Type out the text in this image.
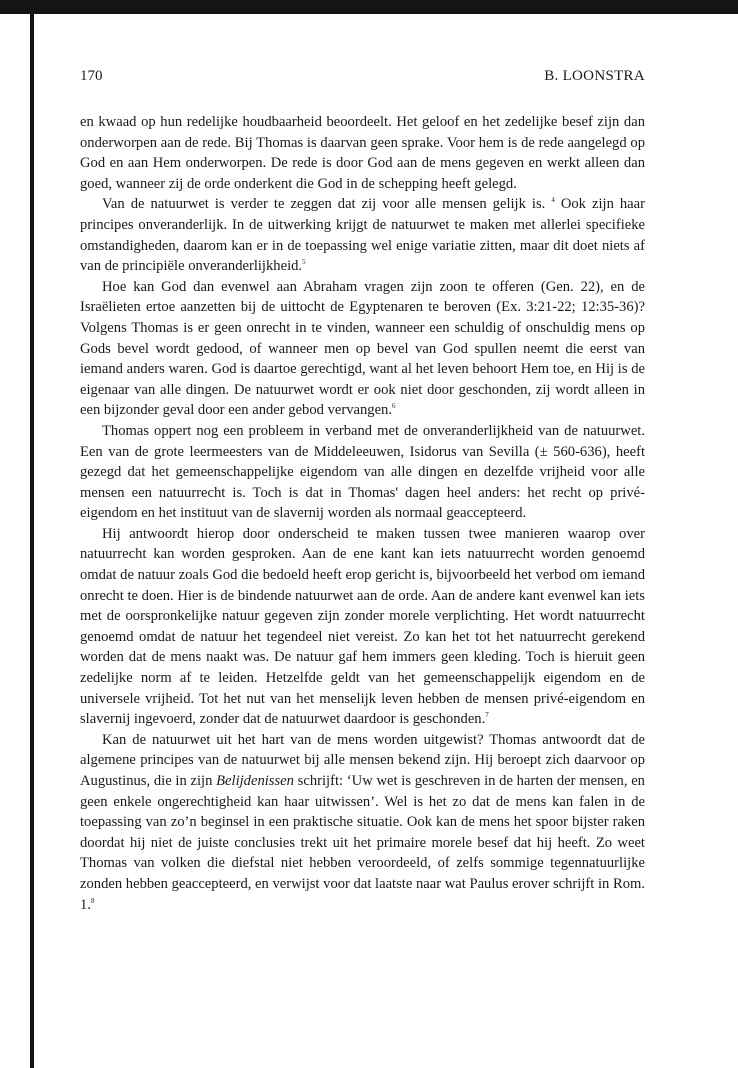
170	B. LOONSTRA

en kwaad op hun redelijke houdbaarheid beoordeelt. Het geloof en het zedelijke besef zijn dan onderworpen aan de rede. Bij Thomas is daarvan geen sprake. Voor hem is de rede aangelegd op God en aan Hem onderworpen. De rede is door God aan de mens gegeven en werkt alleen dan goed, wanneer zij de orde onderkent die God in de schepping heeft gelegd.

Van de natuurwet is verder te zeggen dat zij voor alle mensen gelijk is. $^4$ Ook zijn haar principes onveranderlijk. In de uitwerking krijgt de natuurwet te maken met allerlei specifieke omstandigheden, daarom kan er in de toepassing wel enige variatie zitten, maar dit doet niets af van de principiële onveranderlijkheid.$^5$

Hoe kan God dan evenwel aan Abraham vragen zijn zoon te offeren (Gen. 22), en de Israëlieten ertoe aanzetten bij de uittocht de Egyptenaren te beroven (Ex. 3:21-22; 12:35-36)? Volgens Thomas is er geen onrecht in te vinden, wanneer een schuldig of onschuldig mens op Gods bevel wordt gedood, of wanneer men op bevel van God spullen neemt die eerst van iemand anders waren. God is daartoe gerechtigd, want al het leven behoort Hem toe, en Hij is de eigenaar van alle dingen. De natuurwet wordt er ook niet door geschonden, zij wordt alleen in een bijzonder geval door een ander gebod vervangen.$^6$

Thomas oppert nog een probleem in verband met de onveranderlijkheid van de natuurwet. Een van de grote leermeesters van de Middeleeuwen, Isidorus van Sevilla (± 560-636), heeft gezegd dat het gemeenschappelijke eigendom van alle dingen en dezelfde vrijheid voor alle mensen een natuurrecht is. Toch is dat in Thomas' dagen heel anders: het recht op privé-eigendom en het instituut van de slavernij worden als normaal geaccepteerd.

Hij antwoordt hierop door onderscheid te maken tussen twee manieren waarop over natuurrecht kan worden gesproken. Aan de ene kant kan iets natuurrecht worden genoemd omdat de natuur zoals God die bedoeld heeft erop gericht is, bijvoorbeeld het verbod om iemand onrecht te doen. Hier is de bindende natuurwet aan de orde. Aan de andere kant evenwel kan iets met de oorspronkelijke natuur gegeven zijn zonder morele verplichting. Het wordt natuurrecht genoemd omdat de natuur het tegendeel niet vereist. Zo kan het tot het natuurrecht gerekend worden dat de mens naakt was. De natuur gaf hem immers geen kleding. Toch is hieruit geen zedelijke norm af te leiden. Hetzelfde geldt van het gemeenschappelijk eigendom en de universele vrijheid. Tot het nut van het menselijk leven hebben de mensen privé-eigendom en slavernij ingevoerd, zonder dat de natuurwet daardoor is geschonden.$^7$

Kan de natuurwet uit het hart van de mens worden uitgewist? Thomas antwoordt dat de algemene principes van de natuurwet bij alle mensen bekend zijn. Hij beroept zich daarvoor op Augustinus, die in zijn Belijdenissen schrijft: ‘Uw wet is geschreven in de harten der mensen, en geen enkele ongerechtigheid kan haar uitwissen’. Wel is het zo dat de mens kan falen in de toepassing van zo’n beginsel in een praktische situatie. Ook kan de mens het spoor bijster raken doordat hij niet de juiste conclusies trekt uit het primaire morele besef dat hij heeft. Zo weet Thomas van volken die diefstal niet hebben veroordeeld, of zelfs sommige tegennatuurlijke zonden hebben geaccepteerd, en verwijst voor dat laatste naar wat Paulus erover schrijft in Rom. 1.$^8$
